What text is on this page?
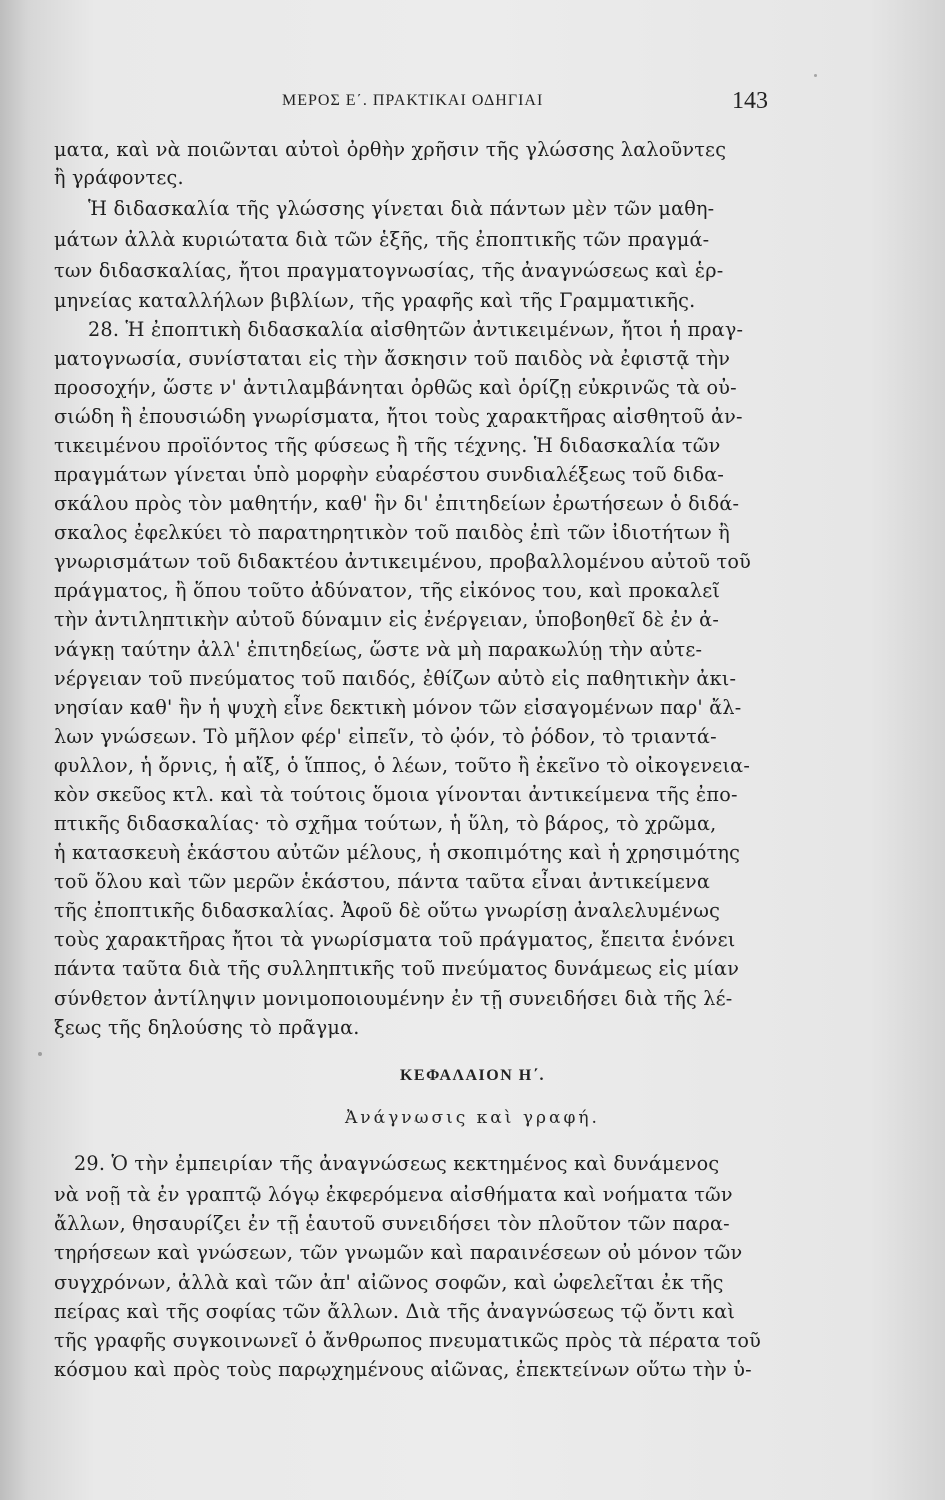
ΜΕΡΟΣ Ε΄. ΠΡΑΚΤΙΚΑΙ ΟΔΗΓΙΑΙ	143
ματα, καὶ νὰ ποιῶνται αὐτοὶ ὀρθὴν χρῆσιν τῆς γλώσσης λαλοῦντες
ἢ γράφοντες.
Ἡ διδασκαλία τῆς γλώσσης γίνεται διὰ πάντων μὲν τῶν μαθη-
μάτων ἀλλὰ κυριώτατα διὰ τῶν ἑξῆς, τῆς ἐποπτικῆς τῶν πραγμά-
των διδασκαλίας, ἤτοι πραγματογνωσίας, τῆς ἀναγνώσεως καὶ ἑρ-
μηνείας καταλλήλων βιβλίων, τῆς γραφῆς καὶ τῆς Γραμματικῆς.
28. Ἡ ἐποπτικὴ διδασκαλία αἰσθητῶν ἀντικειμένων, ἤτοι ἡ πραγ-
ματογνωσία, συνίσταται εἰς τὴν ἄσκησιν τοῦ παιδὸς νὰ ἐφιστᾷ τὴν
προσοχήν, ὥστε ν' ἀντιλαμβάνηται ὀρθῶς καὶ ὁρίζῃ εὐκρινῶς τὰ οὐ-
σιώδη ἢ ἐπουσιώδη γνωρίσματα, ἤτοι τοὺς χαρακτῆρας αἰσθητοῦ ἀν-
τικειμένου προϊόντος τῆς φύσεως ἢ τῆς τέχνης. Ἡ διδασκαλία τῶν
πραγμάτων γίνεται ὑπὸ μορφὴν εὐαρέστου συνδιαλέξεως τοῦ διδα-
σκάλου πρὸς τὸν μαθητήν, καθ' ἣν δι' ἐπιτηδείων ἐρωτήσεων ὁ διδά-
σκαλος ἐφελκύει τὸ παρατηρητικὸν τοῦ παιδὸς ἐπὶ τῶν ἰδιοτήτων ἢ
γνωρισμάτων τοῦ διδακτέου ἀντικειμένου, προβαλλομένου αὐτοῦ τοῦ
πράγματος, ἢ ὅπου τοῦτο ἀδύνατον, τῆς εἰκόνος του, καὶ προκαλεῖ
τὴν ἀντιληπτικὴν αὐτοῦ δύναμιν εἰς ἐνέργειαν, ὑποβοηθεῖ δὲ ἐν ἀ-
νάγκῃ ταύτην ἀλλ' ἐπιτηδείως, ὥστε νὰ μὴ παρακωλύῃ τὴν αὐτε-
νέργειαν τοῦ πνεύματος τοῦ παιδός, ἐθίζων αὐτὸ εἰς παθητικὴν ἀκι-
νησίαν καθ' ἣν ἡ ψυχὴ εἶνε δεκτικὴ μόνον τῶν εἰσαγομένων παρ' ἄλ-
λων γνώσεων. Τὸ μῆλον φέρ' εἰπεῖν, τὸ ᾠόν, τὸ ῥόδον, τὸ τριαντά-
φυλλον, ἡ ὄρνις, ἡ αἴξ, ὁ ἵππος, ὁ λέων, τοῦτο ἢ ἐκεῖνο τὸ οἰκογενεια-
κὸν σκεῦος κτλ. καὶ τὰ τούτοις ὅμοια γίνονται ἀντικείμενα τῆς ἐπο-
πτικῆς διδασκαλίας· τὸ σχῆμα τούτων, ἡ ὕλη, τὸ βάρος, τὸ χρῶμα,
ἡ κατασκευὴ ἑκάστου αὐτῶν μέλους, ἡ σκοπιμότης καὶ ἡ χρησιμότης
τοῦ ὅλου καὶ τῶν μερῶν ἑκάστου, πάντα ταῦτα εἶναι ἀντικείμενα
τῆς ἐποπτικῆς διδασκαλίας. Ἀφοῦ δὲ οὕτω γνωρίσῃ ἀναλελυμένως
τοὺς χαρακτῆρας ἤτοι τὰ γνωρίσματα τοῦ πράγματος, ἔπειτα ἑνόνει
πάντα ταῦτα διὰ τῆς συλληπτικῆς τοῦ πνεύματος δυνάμεως εἰς μίαν
σύνθετον ἀντίληψιν μονιμοποιουμένην ἐν τῇ συνειδήσει διὰ τῆς λέ-
ξεως τῆς δηλούσης τὸ πρᾶγμα.
ΚΕΦΑΛΑΙΟΝ Η΄.
Ἀνάγνωσις καὶ γραφή.
29. Ὁ τὴν ἐμπειρίαν τῆς ἀναγνώσεως κεκτημένος καὶ δυνάμενος
νὰ νοῇ τὰ ἐν γραπτῷ λόγῳ ἐκφερόμενα αἰσθήματα καὶ νοήματα τῶν
ἄλλων, θησαυρίζει ἐν τῇ ἑαυτοῦ συνειδήσει τὸν πλοῦτον τῶν παρα-
τηρήσεων καὶ γνώσεων, τῶν γνωμῶν καὶ παραινέσεων οὐ μόνον τῶν
συγχρόνων, ἀλλὰ καὶ τῶν ἀπ' αἰῶνος σοφῶν, καὶ ὠφελεῖται ἐκ τῆς
πείρας καὶ τῆς σοφίας τῶν ἄλλων. Διὰ τῆς ἀναγνώσεως τῷ ὄντι καὶ
τῆς γραφῆς συγκοινωνεῖ ὁ ἄνθρωπος πνευματικῶς πρὸς τὰ πέρατα τοῦ
κόσμου καὶ πρὸς τοὺς παρῳχημένους αἰῶνας, ἐπεκτείνων οὕτω τὴν ὑ-
